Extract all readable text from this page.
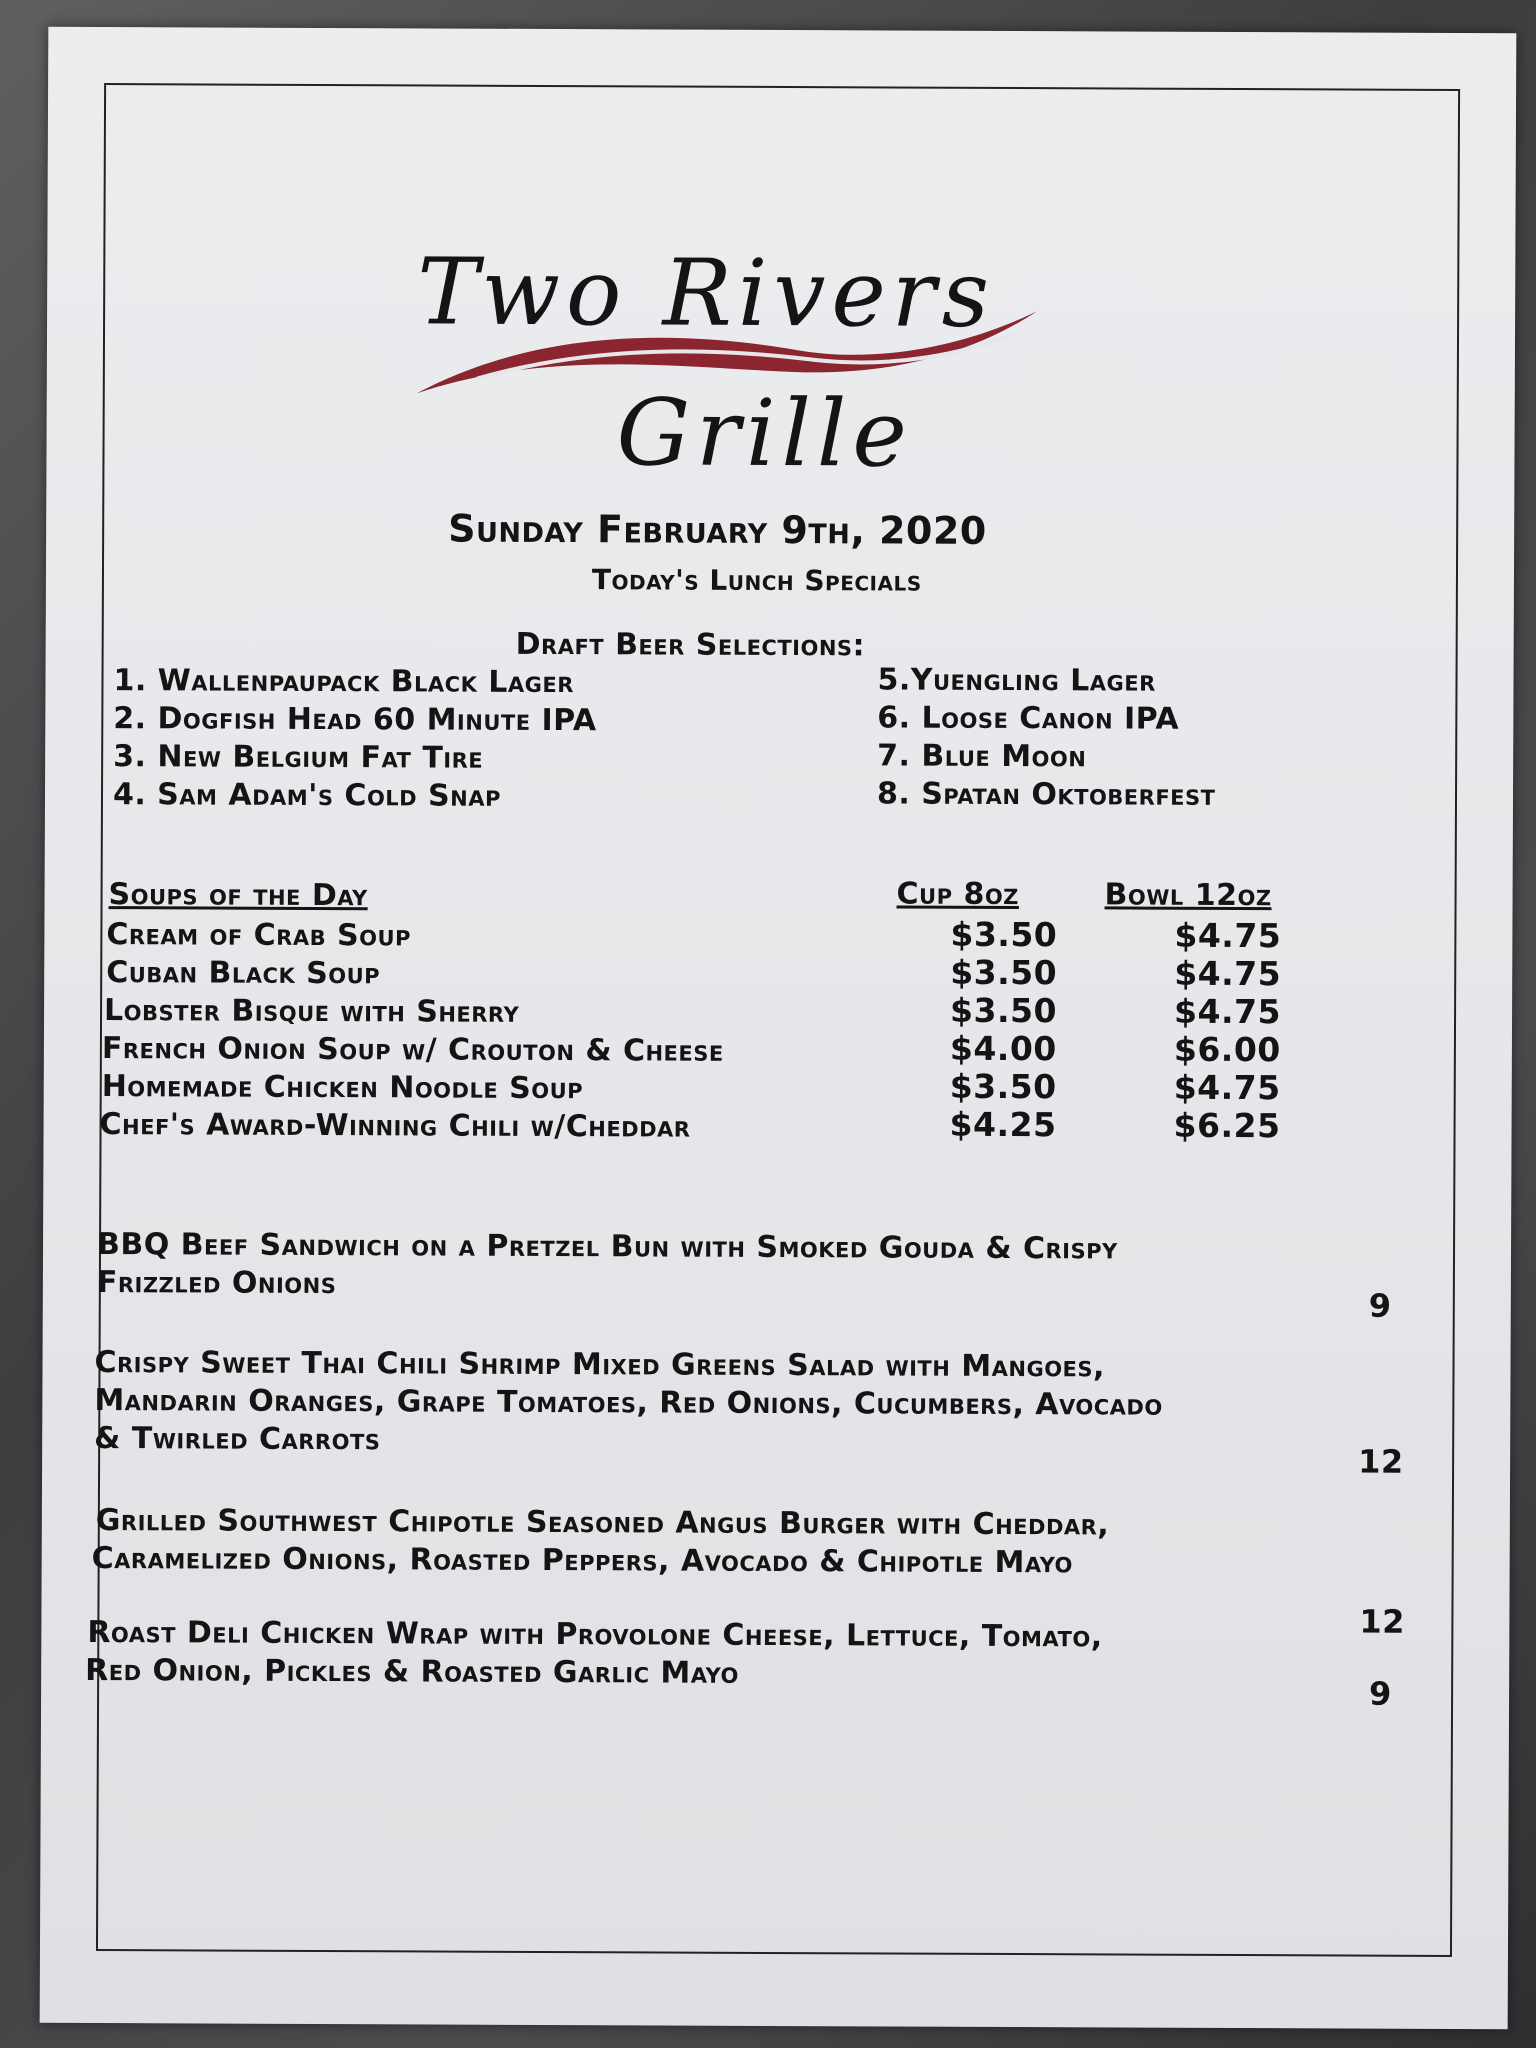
Two Rivers
Grille
Sunday February 9th, 2020
Today's Lunch Specials
Draft Beer Selections:
1. Wallenpaupack Black Lager
2. Dogfish Head 60 Minute IPA
3. New Belgium Fat Tire
4. Sam Adam's Cold Snap
5.Yuengling Lager
6. Loose Canon IPA
7. Blue Moon
8. Spatan Oktoberfest
Soups of the Day	Cup 8oz	Bowl 12oz
Cream of Crab Soup	$3.50	$4.75
Cuban Black Soup	$3.50	$4.75
Lobster Bisque with Sherry	$3.50	$4.75
French Onion Soup w/ Crouton & Cheese	$4.00	$6.00
Homemade Chicken Noodle Soup	$3.50	$4.75
Chef's Award-Winning Chili w/Cheddar	$4.25	$6.25
BBQ Beef Sandwich on a Pretzel Bun with Smoked Gouda & Crispy
Frizzled Onions
9
Crispy Sweet Thai Chili Shrimp Mixed Greens Salad with Mangoes,
Mandarin Oranges, Grape Tomatoes, Red Onions, Cucumbers, Avocado
& Twirled Carrots
12
Grilled Southwest Chipotle Seasoned Angus Burger with Cheddar,
Caramelized Onions, Roasted Peppers, Avocado & Chipotle Mayo
12
Roast Deli Chicken Wrap with Provolone Cheese, Lettuce, Tomato,
Red Onion, Pickles & Roasted Garlic Mayo
9
